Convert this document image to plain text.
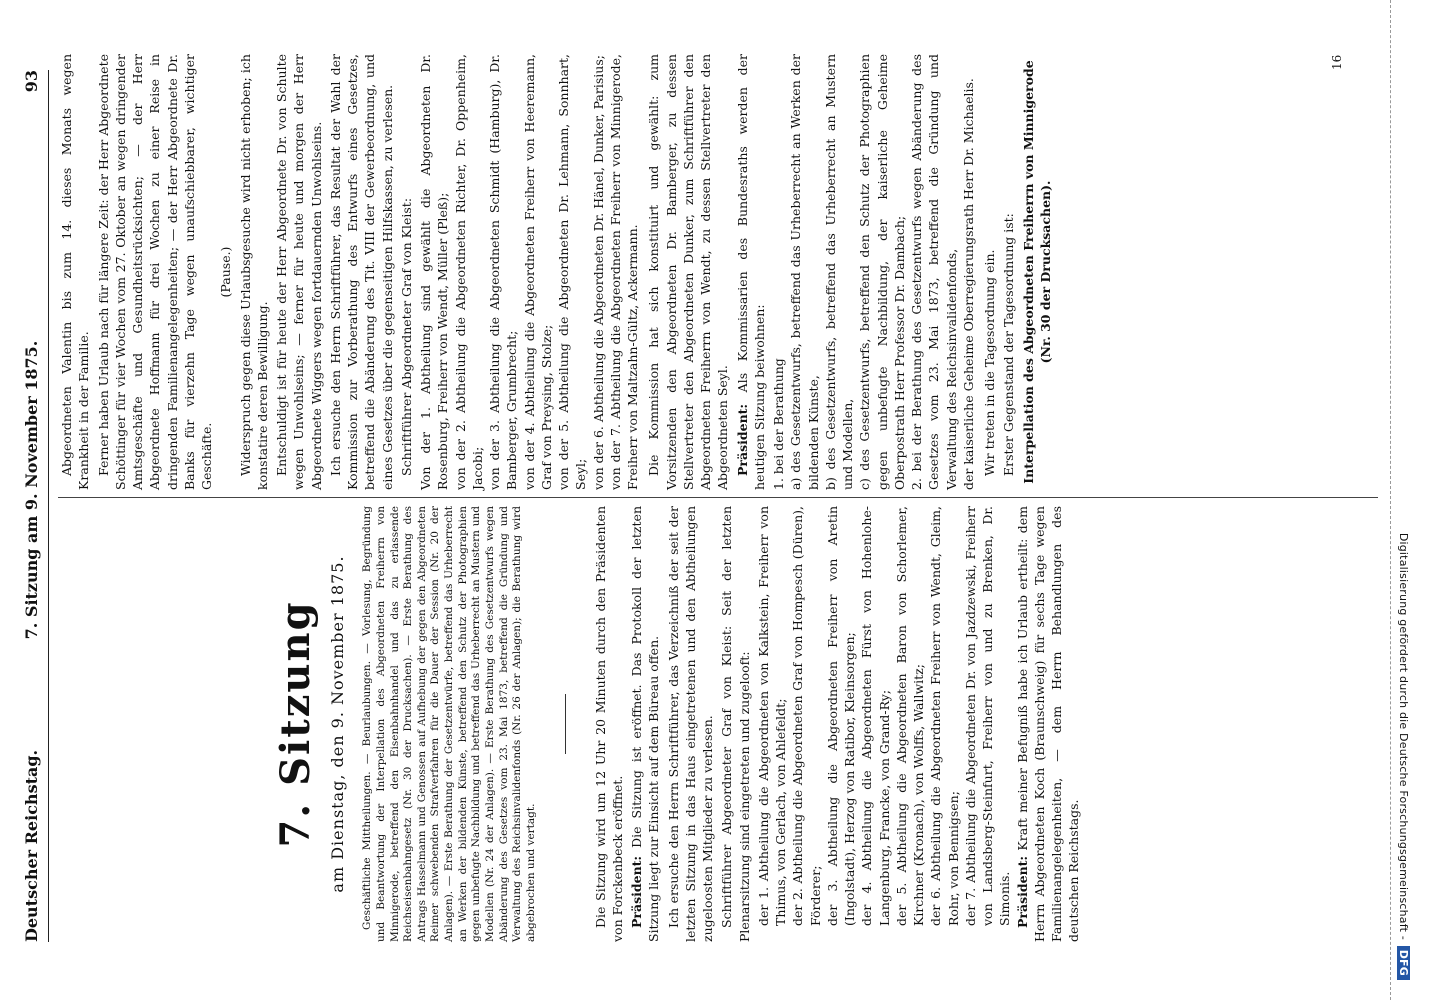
Deutscher Reichstag.
7. Sitzung am 9. November 1875.
93
7. Sitzung am Dienstag, den 9. November 1875. Geschäftliche Mittheilungen. — Beurlaubungen. — Vorlesung, Begründung und Beantwortung der Interpellation des Abgeordneten Freiherrn von Minnigerode, betreffend den Eisenbahnhandel und das zu erlassende Reichseisenbahngesetz (Nr. 30 der Drucksachen). — Erste Berathung des Antrags Hasselmann und Genossen auf Aufhebung der gegen den Abgeordneten Reimer schwebenden Strafverfahren für die Dauer der Session (Nr. 20 der Anlagen). — Erste Berathung der Gesetzentwürfe, betreffend das Urheberrecht an Werken der bildenden Künste, betreffend den Schutz der Photographien gegen unbefugte Nachbildung und betreffend das Urheberrecht an Mustern und Modellen (Nr. 24 der Anlagen). — Erste Berathung des Gesetzentwurfs wegen Abänderung des Gesetzes vom 23. Mai 1873, betreffend die Gründung und Verwaltung des Reichsinvalidenfonds (Nr. 26 der Anlagen); die Berathung wird abgebrochen und vertagt.	Die Sitzung wird um 12 Uhr 20 Minuten durch den Präsidenten von Forckenbeck eröffnet. Präsident: Die Sitzung ist eröffnet. Das Protokoll der letzten Sitzung liegt zur Einsicht auf dem Büreau offen. Ich ersuche den Herrn Schriftführer, das Verzeichniß der seit der letzten Sitzung in das Haus eingetretenen und den Abtheilungen zugeloosten Mitglieder zu verlesen. Schriftführer Abgeordneter Graf von Kleist: Seit der letzten Plenarsitzung sind eingetreten und zugelooft: der 1. Abtheilung die Abgeordneten von Kalkstein, Freiherr von Thimus, von Gerlach, von Ahlefeldt; der 2. Abtheilung die Abgeordneten Graf von Hompesch (Düren), Förderer; der 3. Abtheilung die Abgeordneten Freiherr von Aretin (Ingolstadt), Herzog von Ratibor, Kleinsorgen; der 4. Abtheilung die Abgeordneten Fürst von Hohenlohe-Langenburg, Francke, von Grand-Ry; der 5. Abtheilung die Abgeordneten Baron von Schorlemer, Kirchner (Kronach), von Wolffs, Wallwitz; der 6. Abtheilung die Abgeordneten Freiherr von Wendt, Gleim, Rohr, von Bennigsen; der 7. Abtheilung die Abgeordneten Dr. von Jazdzewski, Freiherr von Landsberg-Steinfurt, Freiherr von und zu Brenken, Dr. Simonis. Präsident: Kraft meiner Befugniß habe ich Urlaub ertheilt: dem Herrn Abgeordneten Koch (Braunschweig) für sechs Tage wegen Familienangelegenheiten, — dem Herrn Behandlungen des deutschen Reichstags.

Abgeordneten Valentin bis zum 14. dieses Monats wegen Krankheit in der Familie. Ferner haben Urlaub nach für längere Zeit: der Herr Abgeordnete Schöttinger für vier Wochen vom 27. Oktober an wegen dringender Amtsgeschäfte und Gesundheitsrücksichten; — der Herr Abgeordnete Hoffmann für drei Wochen zu einer Reise in dringenden Familienangelegenheiten; — der Herr Abgeordnete Dr. Banks für vierzehn Tage wegen unaufschiebbarer, wichtiger Geschäfte.

(Pause.) Widerspruch gegen diese Urlaubsgesuche wird nicht erhoben; ich konstatire deren Bewilligung. Entschuldigt ist für heute der Herr Abgeordnete Dr. von Schulte wegen Unwohlseins; — ferner für heute und morgen der Herr Abgeordnete Wiggers wegen fortdauernden Unwohlseins. Ich ersuche den Herrn Schriftführer, das Resultat der Wahl der Kommission zur Vorberathung des Entwurfs eines Gesetzes, betreffend die Abänderung des Tit. VIII der Gewerbeordnung, und eines Gesetzes über die gegenseitigen Hilfskassen, zu verlesen. Schriftführer Abgeordneter Graf von Kleist: Von der 1. Abtheilung sind gewählt die Abgeordneten Dr. Rosenburg, Freiherr von Wendt, Müller (Pleß); von der 2. Abtheilung die Abgeordneten Richter, Dr. Oppenheim, Jacobi; von der 3. Abtheilung die Abgeordneten Schmidt (Hamburg), Dr. Bamberger, Grumbrecht; von der 4. Abtheilung die Abgeordneten Freiherr von Heeremann, Graf von Preysing, Stolze; von der 5. Abtheilung die Abgeordneten Dr. Lehmann, Sonnhart, Seyl; von der 6. Abtheilung die Abgeordneten Dr. Hänel, Dunker, Parisius; von der 7. Abtheilung die Abgeordneten Freiherr von Minnigerode, Freiherr von Maltzahn-Gültz, Ackermann. Die Kommission hat sich konstituirt und gewählt: zum Vorsitzenden den Abgeordneten Dr. Bamberger, zu dessen Stellvertreter den Abgeordneten Dunker, zum Schriftführer den Abgeordneten Freiherrn von Wendt, zu dessen Stellvertreter den Abgeordneten Seyl. Präsident: Als Kommissarien des Bundesraths werden der heutigen Sitzung beiwohnen: 1. bei der Berathung a) des Gesetzentwurfs, betreffend das Urheberrecht an Werken der bildenden Künste, b) des Gesetzentwurfs, betreffend das Urheberrecht an Mustern und Modellen, c) des Gesetzentwurfs, betreffend den Schutz der Photographien gegen unbefugte Nachbildung, der kaiserliche Geheime Oberpostrath Herr Professor Dr. Dambach; 2. bei der Berathung des Gesetzentwurfs wegen Abänderung des Gesetzes vom 23. Mai 1873, betreffend die Gründung und Verwaltung des Reichsinvalidenfonds, der kaiserliche Geheime Oberregierungsrath Herr Dr. Michaelis. Wir treten in die Tagesordnung ein. Erster Gegenstand der Tagesordnung ist: Interpellation des Abgeordneten Freiherrn von Minnigerode (Nr. 30 der Drucksachen).

16
Digitalisierung gefördert durch die Deutsche Forschungsgemeinschaft - DFG
